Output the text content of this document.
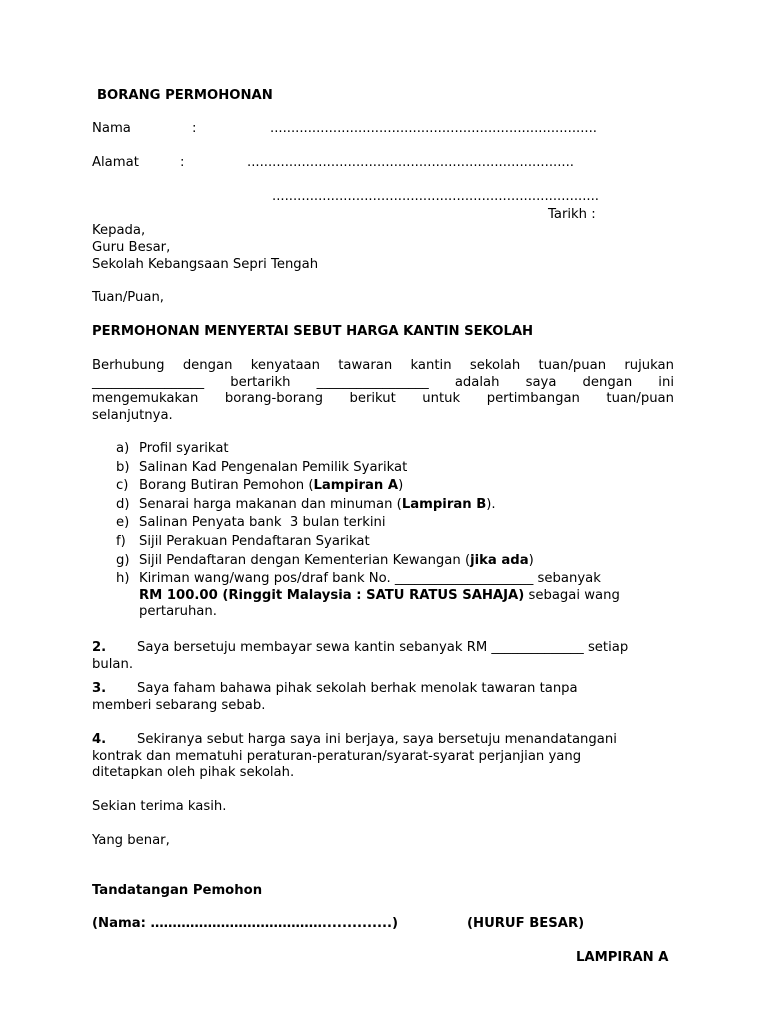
BORANG PERMOHONAN
Nama	:	..............................................................................
Alamat	:	..............................................................................
..............................................................................
Tarikh :
Kepada,
Guru Besar,
Sekolah Kebangsaan Sepri Tengah
Tuan/Puan,
PERMOHONAN MENYERTAI SEBUT HARGA KANTIN SEKOLAH
Berhubung dengan kenyataan tawaran kantin sekolah tuan/puan rujukan
_________________ bertarikh _________________ adalah saya dengan ini
mengemukakan borang-borang berikut untuk pertimbangan tuan/puan
selanjutnya.
a) Profil syarikat
b) Salinan Kad Pengenalan Pemilik Syarikat
c) Borang Butiran Pemohon (Lampiran A)
d) Senarai harga makanan dan minuman (Lampiran B).
e) Salinan Penyata bank  3 bulan terkini
f) Sijil Perakuan Pendaftaran Syarikat
g) Sijil Pendaftaran dengan Kementerian Kewangan (jika ada)
h) Kiriman wang/wang pos/draf bank No. _____________________ sebanyak
RM 100.00 (Ringgit Malaysia : SATU RATUS SAHAJA) sebagai wang
pertaruhan.
2. Saya bersetuju membayar sewa kantin sebanyak RM ______________ setiap
bulan.
3. Saya faham bahawa pihak sekolah berhak menolak tawaran tanpa
memberi sebarang sebab.
4. Sekiranya sebut harga saya ini berjaya, saya bersetuju menandatangani
kontrak dan mematuhi peraturan-peraturan/syarat-syarat perjanjian yang
ditetapkan oleh pihak sekolah.
Sekian terima kasih.
Yang benar,
Tandatangan Pemohon
(Nama: …………………………………..............)	(HURUF BESAR)
LAMPIRAN A
